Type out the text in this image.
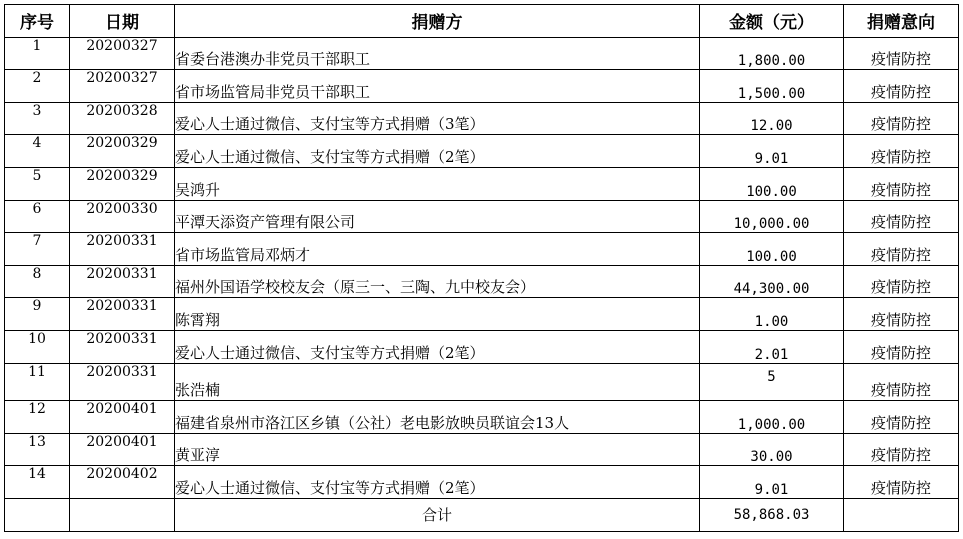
序号	日期	捐赠方	金额（元）	捐赠意向
1	20200327	省委台港澳办非党员干部职工	1,800.00	疫情防控
2	20200327	省市场监管局非党员干部职工	1,500.00	疫情防控
3	20200328	爱心人士通过微信、支付宝等方式捐赠（3笔）	12.00	疫情防控
4	20200329	爱心人士通过微信、支付宝等方式捐赠（2笔）	9.01	疫情防控
5	20200329	吴鸿升	100.00	疫情防控
6	20200330	平潭天添资产管理有限公司	10,000.00	疫情防控
7	20200331	省市场监管局邓炳才	100.00	疫情防控
8	20200331	福州外国语学校校友会（原三一、三陶、九中校友会）	44,300.00	疫情防控
9	20200331	陈霄翔	1.00	疫情防控
10	20200331	爱心人士通过微信、支付宝等方式捐赠（2笔）	2.01	疫情防控
11	20200331	张浩楠	5	疫情防控
12	20200401	福建省泉州市洛江区乡镇（公社）老电影放映员联谊会13人	1,000.00	疫情防控
13	20200401	黄亚淳	30.00	疫情防控
14	20200402	爱心人士通过微信、支付宝等方式捐赠（2笔）	9.01	疫情防控
		合计	58,868.03	
